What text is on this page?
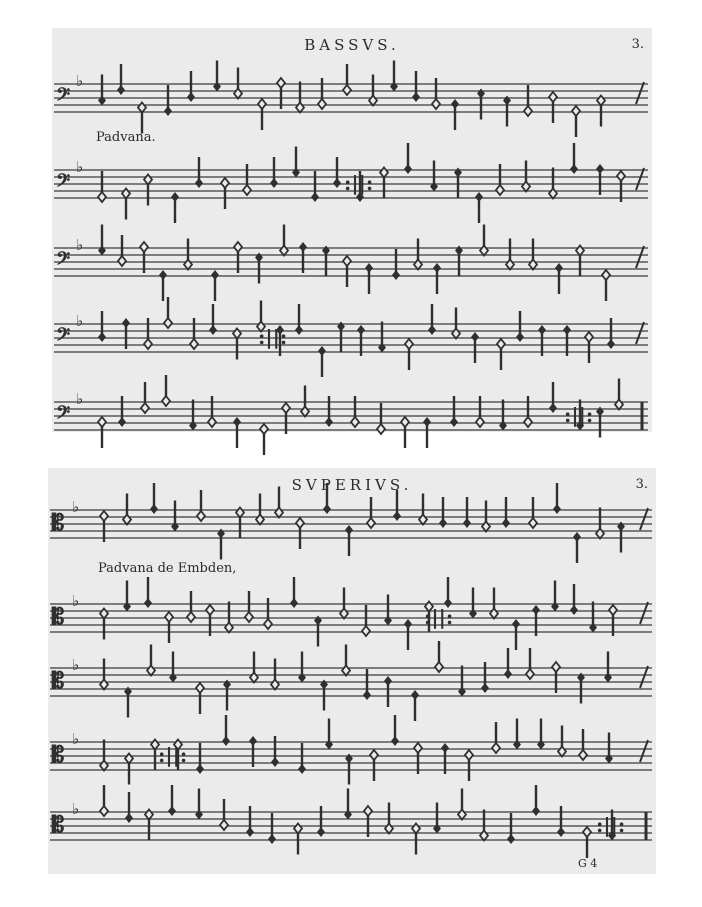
BASSVS.	3.
Padvana.
𝄢
♭
𝄢
♭
:||:
𝄢
♭
𝄢
♭
:||:
𝄢
♭
:||:
SVPERIVS.	3.
Padvana de Embden,
G 4
𝄡
♭
𝄡
♭
:||:
𝄡
♭
𝄡
♭
:||:
𝄡
♭
:||:
